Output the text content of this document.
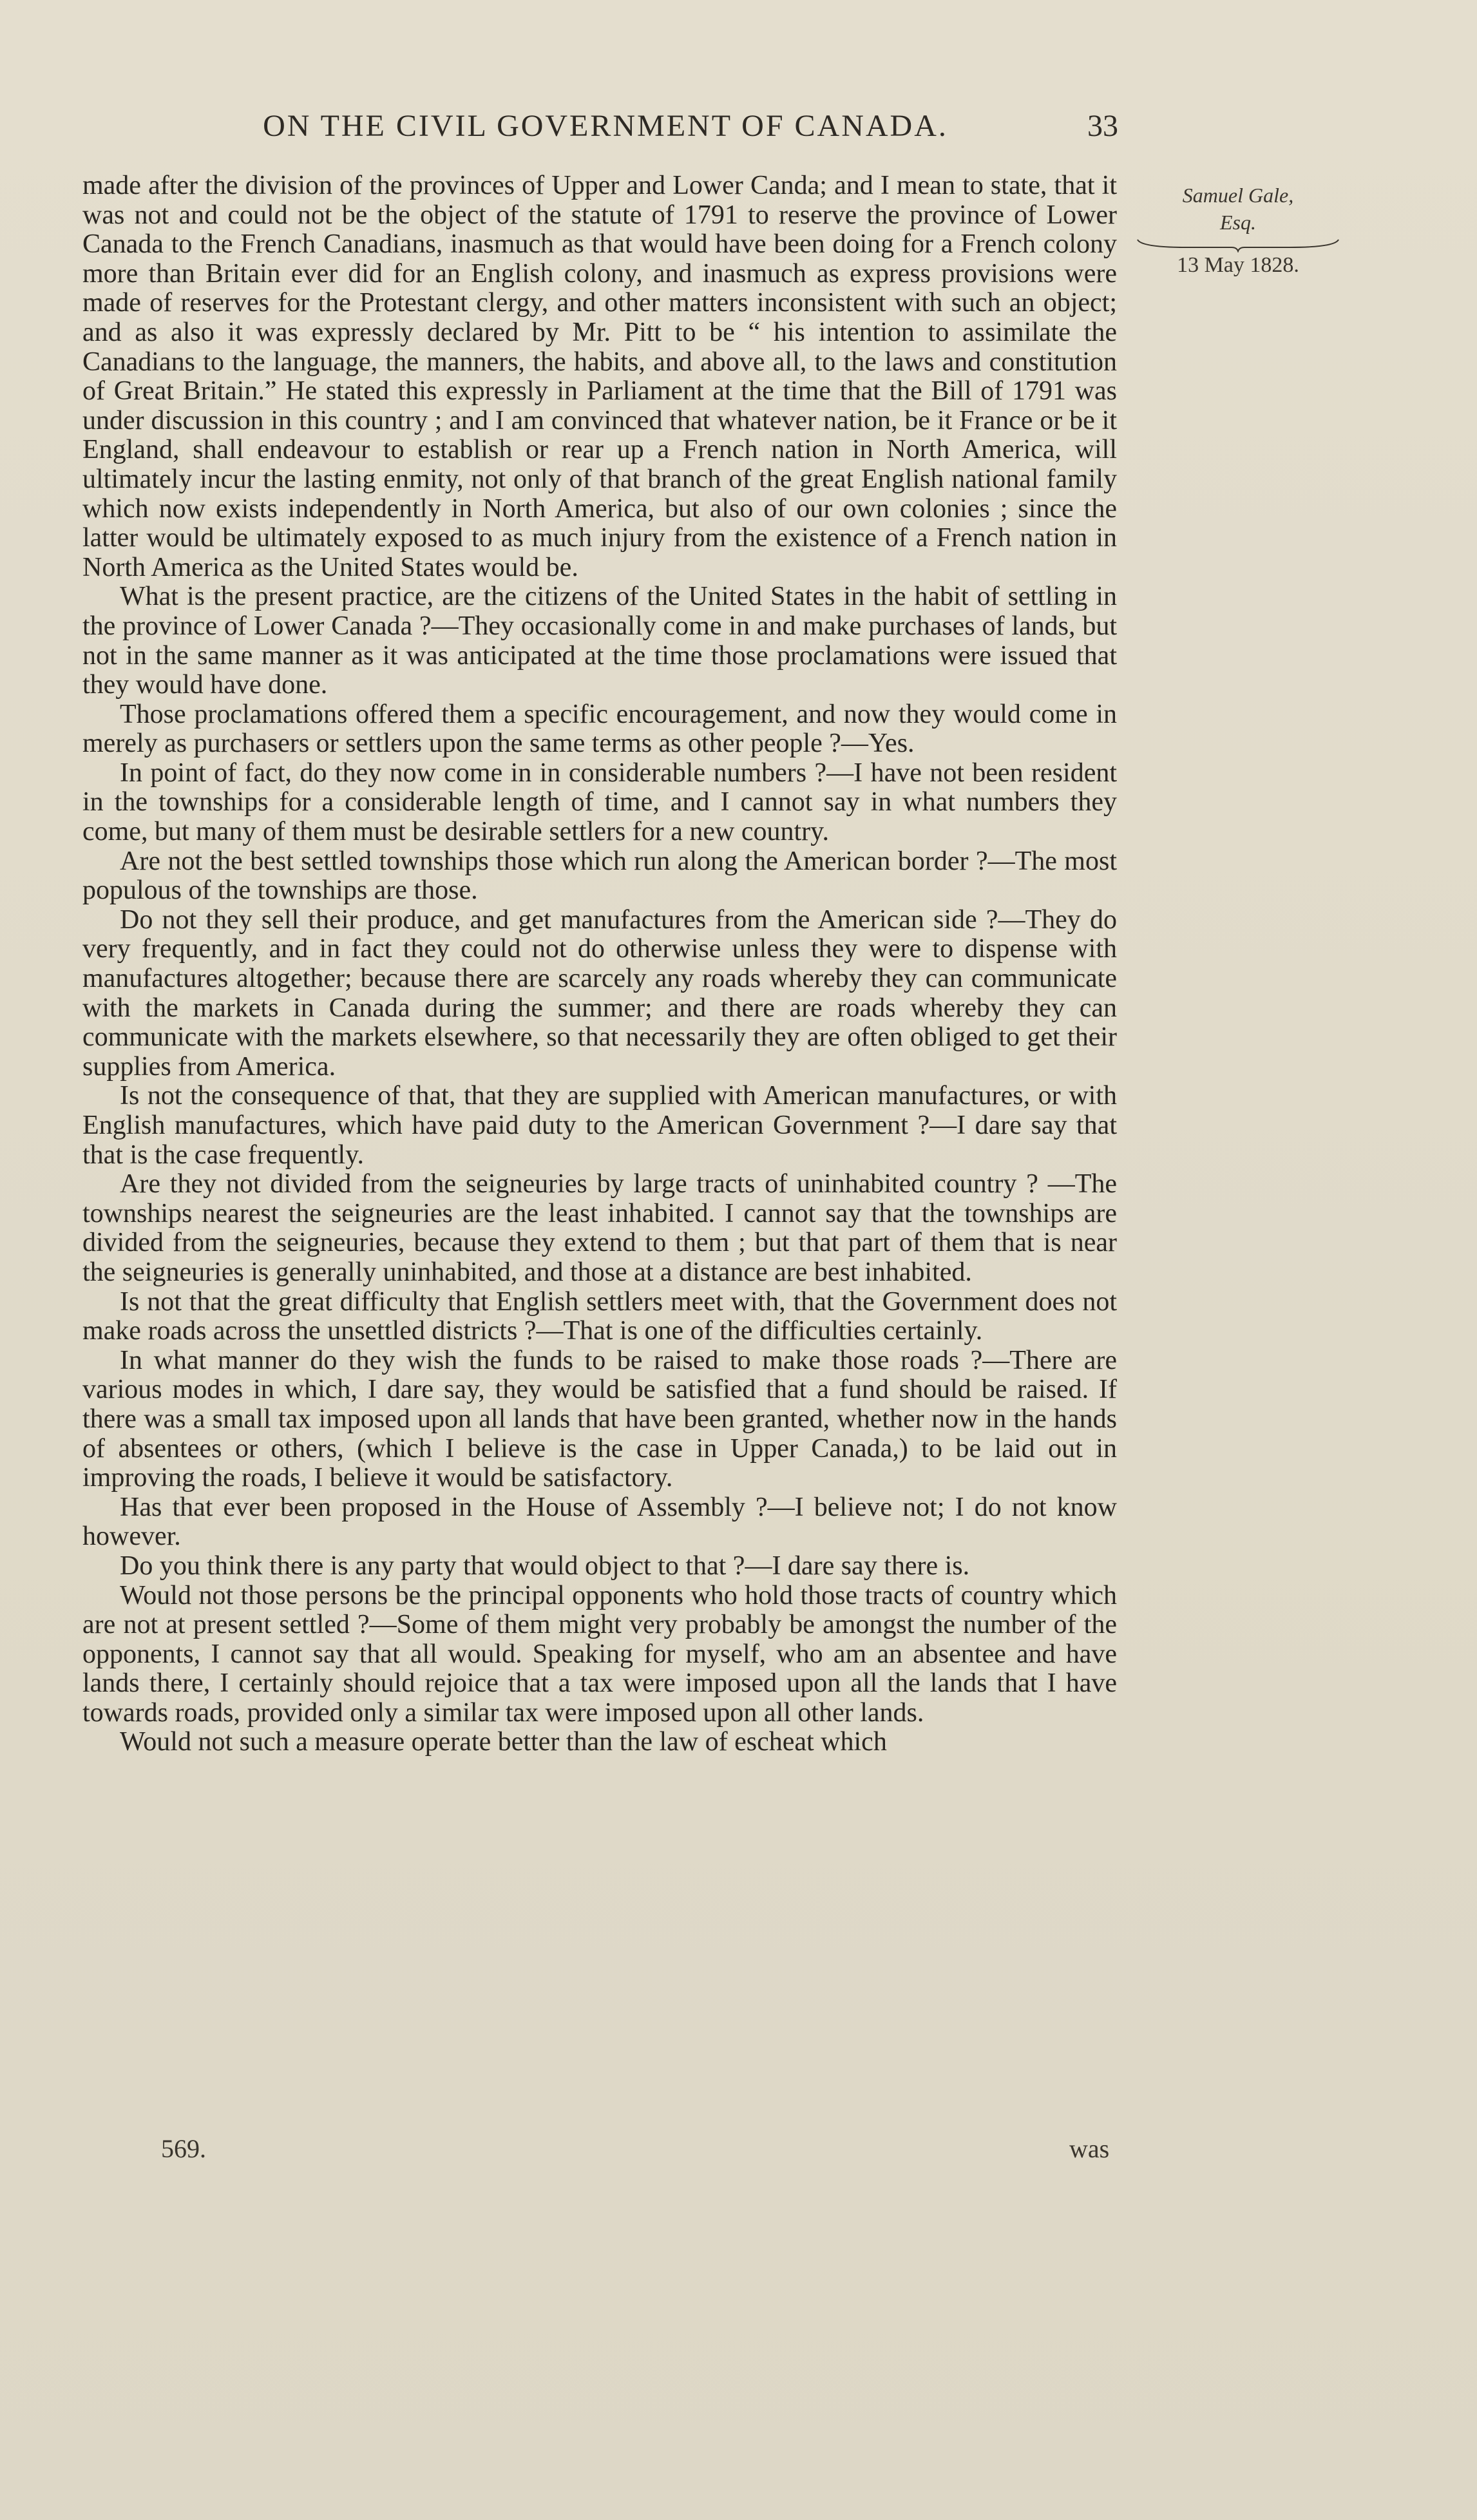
ON THE CIVIL GOVERNMENT OF CANADA.	33
Samuel Gale,
Esq.
13 May 1828.

made after the division of the provinces of Upper and Lower Canda; and I mean to state, that it was not and could not be the object of the statute of 1791 to reserve the province of Lower Canada to the French Canadians, inasmuch as that would have been doing for a French colony more than Britain ever did for an English colony, and inasmuch as express provisions were made of reserves for the Protestant clergy, and other matters inconsistent with such an object; and as also it was expressly declared by Mr. Pitt to be “ his intention to assimilate the Canadians to the language, the manners, the habits, and above all, to the laws and constitution of Great Britain.” He stated this expressly in Parliament at the time that the Bill of 1791 was under discussion in this country ; and I am convinced that whatever nation, be it France or be it England, shall endeavour to establish or rear up a French nation in North America, will ultimately incur the lasting enmity, not only of that branch of the great English national family which now exists independently in North America, but also of our own colonies ; since the latter would be ultimately exposed to as much injury from the existence of a French nation in North America as the United States would be.

What is the present practice, are the citizens of the United States in the habit of settling in the province of Lower Canada ?—They occasionally come in and make purchases of lands, but not in the same manner as it was anticipated at the time those proclamations were issued that they would have done.

Those proclamations offered them a specific encouragement, and now they would come in merely as purchasers or settlers upon the same terms as other people ?—Yes.

In point of fact, do they now come in in considerable numbers ?—I have not been resident in the townships for a considerable length of time, and I cannot say in what numbers they come, but many of them must be desirable settlers for a new country.

Are not the best settled townships those which run along the American border ?—The most populous of the townships are those.

Do not they sell their produce, and get manufactures from the American side ?—They do very frequently, and in fact they could not do otherwise unless they were to dispense with manufactures altogether; because there are scarcely any roads whereby they can communicate with the markets in Canada during the summer; and there are roads whereby they can communicate with the markets elsewhere, so that necessarily they are often obliged to get their supplies from America.

Is not the consequence of that, that they are supplied with American manufactures, or with English manufactures, which have paid duty to the American Government ?—I dare say that that is the case frequently.

Are they not divided from the seigneuries by large tracts of uninhabited country ? —The townships nearest the seigneuries are the least inhabited. I cannot say that the townships are divided from the seigneuries, because they extend to them ; but that part of them that is near the seigneuries is generally uninhabited, and those at a distance are best inhabited.

Is not that the great difficulty that English settlers meet with, that the Government does not make roads across the unsettled districts ?—That is one of the difficulties certainly.

In what manner do they wish the funds to be raised to make those roads ?—There are various modes in which, I dare say, they would be satisfied that a fund should be raised. If there was a small tax imposed upon all lands that have been granted, whether now in the hands of absentees or others, (which I believe is the case in Upper Canada,) to be laid out in improving the roads, I believe it would be satisfactory.

Has that ever been proposed in the House of Assembly ?—I believe not; I do not know however.

Do you think there is any party that would object to that ?—I dare say there is.

Would not those persons be the principal opponents who hold those tracts of country which are not at present settled ?—Some of them might very probably be amongst the number of the opponents, I cannot say that all would. Speaking for myself, who am an absentee and have lands there, I certainly should rejoice that a tax were imposed upon all the lands that I have towards roads, provided only a similar tax were imposed upon all other lands.

Would not such a measure operate better than the law of escheat which

569.	was
